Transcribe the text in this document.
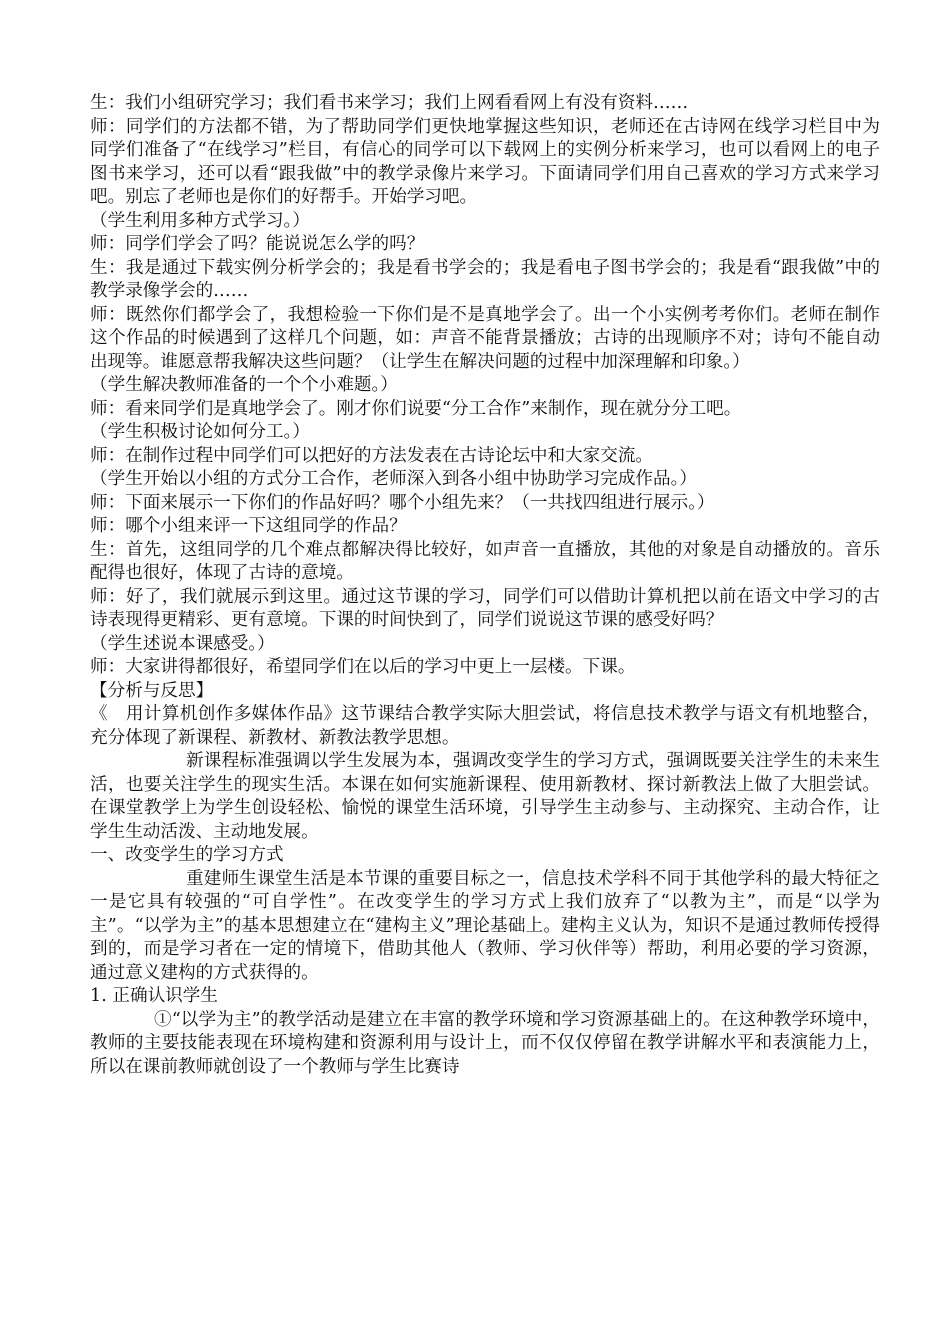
生：我们小组研究学习；我们看书来学习；我们上网看看网上有没有资料……

师：同学们的方法都不错，为了帮助同学们更快地掌握这些知识，老师还在古诗网在线学习栏目中为同学们准备了“在线学习”栏目，有信心的同学可以下载网上的实例分析来学习，也可以看网上的电子图书来学习，还可以看“跟我做”中的教学录像片来学习。下面请同学们用自己喜欢的学习方式来学习吧。别忘了老师也是你们的好帮手。开始学习吧。

（学生利用多种方式学习。）

师：同学们学会了吗？能说说怎么学的吗？

生：我是通过下载实例分析学会的；我是看书学会的；我是看电子图书学会的；我是看“跟我做”中的教学录像学会的……

师：既然你们都学会了，我想检验一下你们是不是真地学会了。出一个小实例考考你们。老师在制作这个作品的时候遇到了这样几个问题，如：声音不能背景播放；古诗的出现顺序不对；诗句不能自动出现等。谁愿意帮我解决这些问题？（让学生在解决问题的过程中加深理解和印象。）

（学生解决教师准备的一个个小难题。）

师：看来同学们是真地学会了。刚才你们说要“分工合作”来制作，现在就分分工吧。

（学生积极讨论如何分工。）

师：在制作过程中同学们可以把好的方法发表在古诗论坛中和大家交流。

（学生开始以小组的方式分工合作，老师深入到各小组中协助学习完成作品。）

师：下面来展示一下你们的作品好吗？哪个小组先来？（一共找四组进行展示。）

师：哪个小组来评一下这组同学的作品？

生：首先，这组同学的几个难点都解决得比较好，如声音一直播放，其他的对象是自动播放的。音乐配得也很好，体现了古诗的意境。

师：好了，我们就展示到这里。通过这节课的学习，同学们可以借助计算机把以前在语文中学习的古诗表现得更精彩、更有意境。下课的时间快到了，同学们说说这节课的感受好吗？

（学生述说本课感受。）

师：大家讲得都很好，希望同学们在以后的学习中更上一层楼。下课。

【分析与反思】

《　用计算机创作多媒体作品》这节课结合教学实际大胆尝试，将信息技术教学与语文有机地整合，充分体现了新课程、新教材、新教法教学思想。

新课程标准强调以学生发展为本，强调改变学生的学习方式，强调既要关注学生的未来生活，也要关注学生的现实生活。本课在如何实施新课程、使用新教材、探讨新教法上做了大胆尝试。在课堂教学上为学生创设轻松、愉悦的课堂生活环境，引导学生主动参与、主动探究、主动合作，让学生生动活泼、主动地发展。

一、改变学生的学习方式

重建师生课堂生活是本节课的重要目标之一，信息技术学科不同于其他学科的最大特征之一是它具有较强的“可自学性”。在改变学生的学习方式上我们放弃了“以教为主”，而是“以学为主”。“以学为主”的基本思想建立在“建构主义”理论基础上。建构主义认为，知识不是通过教师传授得到的，而是学习者在一定的情境下，借助其他人（教师、学习伙伴等）帮助，利用必要的学习资源，通过意义建构的方式获得的。

1. 正确认识学生

①“以学为主”的教学活动是建立在丰富的教学环境和学习资源基础上的。在这种教学环境中，教师的主要技能表现在环境构建和资源利用与设计上，而不仅仅停留在教学讲解水平和表演能力上，所以在课前教师就创设了一个教师与学生比赛诗
